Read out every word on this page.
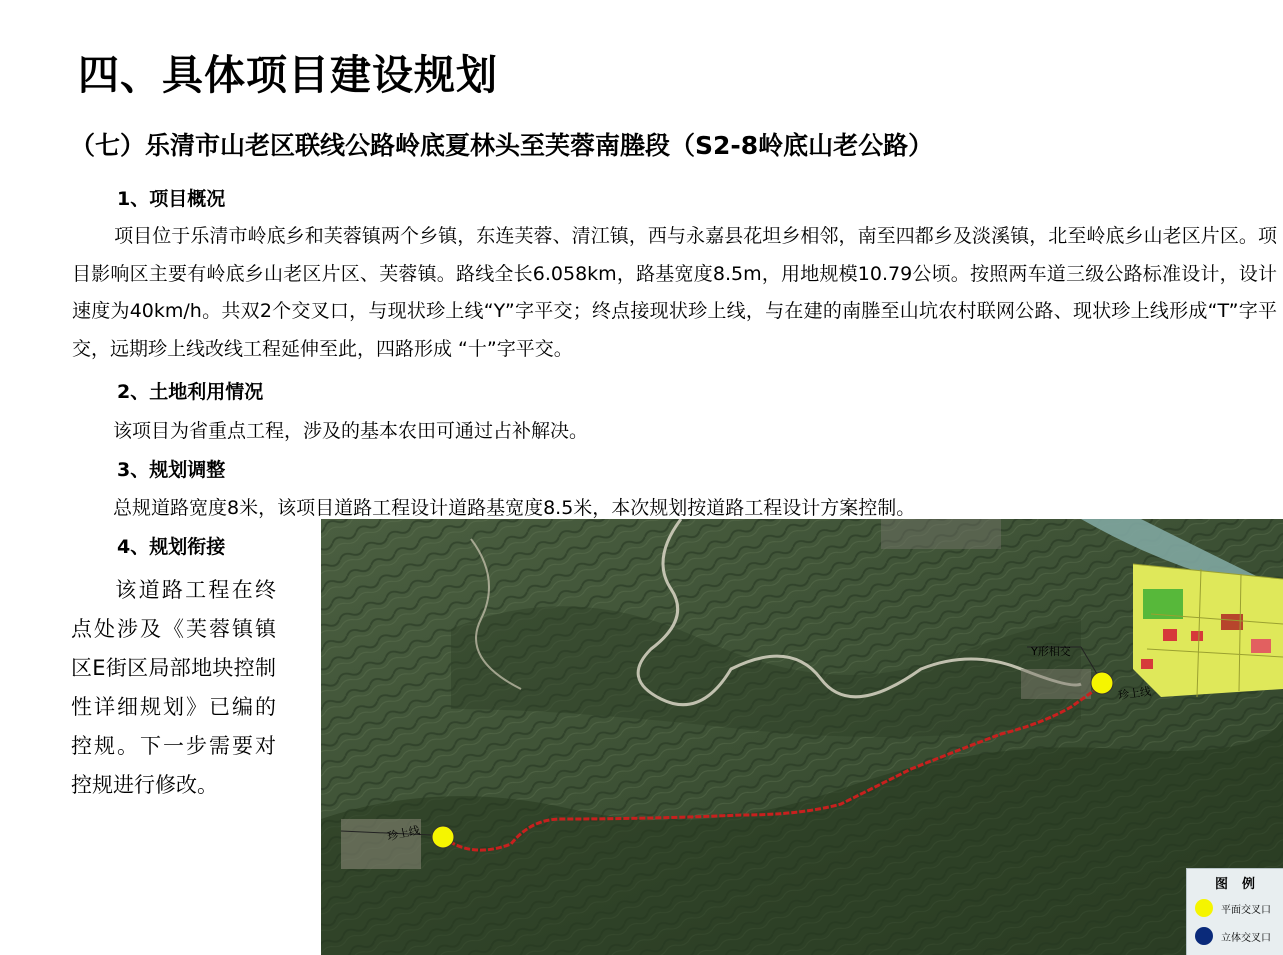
四、具体项目建设规划
（七）乐清市山老区联线公路岭底夏林头至芙蓉南塍段（S2-8岭底山老公路）
1、项目概况

项目位于乐清市岭底乡和芙蓉镇两个乡镇，东连芙蓉、清江镇，西与永嘉县花坦乡相邻，南至四都乡及淡溪镇，北至岭底乡山老区片区。项目影响区主要有岭底乡山老区片区、芙蓉镇。路线全长6.058km，路基宽度8.5m，用地规模10.79公顷。按照两车道三级公路标准设计，设计速度为40km/h。共双2个交叉口，与现状珍上线“Y”字平交；终点接现状珍上线，与在建的南塍至山坑农村联网公路、现状珍上线形成“T”字平交，远期珍上线改线工程延伸至此，四路形成 “十”字平交。

2、土地利用情况

该项目为省重点工程，涉及的基本农田可通过占补解决。

3、规划调整

总规道路宽度8米，该项目道路工程设计道路基宽度8.5米，本次规划按道路工程设计方案控制。

4、规划衔接

该道路工程在终点处涉及《芙蓉镇镇区E街区局部地块控制性详细规划》已编的控规。下一步需要对控规进行修改。

Y形相交
珍上线
珍上线
图例
平面交叉口
立体交叉口
